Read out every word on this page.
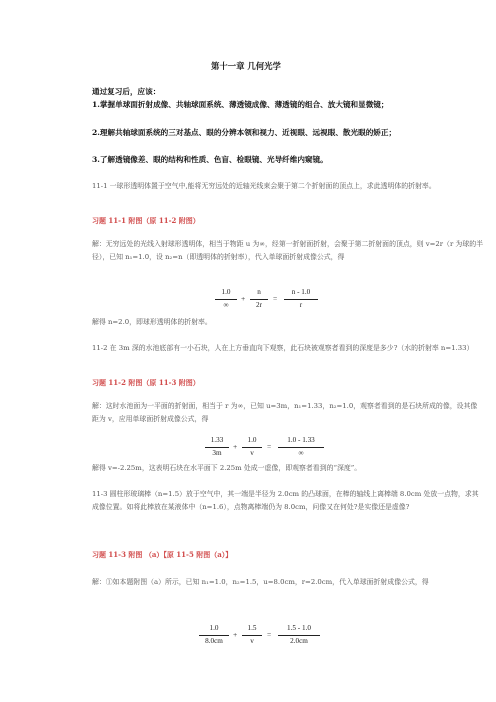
第十一章 几何光学
通过复习后，应该：
1.掌握单球面折射成像、共轴球面系统、薄透镜成像、薄透镜的组合、放大镜和显微镜；
2.理解共轴球面系统的三对基点、眼的分辨本领和视力、近视眼、远视眼、散光眼的矫正；
3.了解透镜像差、眼的结构和性质、色盲、检眼镜、光导纤维内窥镜。
11-1 一球形透明体置于空气中,能将无穷远处的近轴光线束会聚于第二个折射面的顶点上，求此透明体的折射率。
习题 11-1 附图（原 11-2 附图）
解：无穷远处的光线入射球形透明体，相当于物距 u 为∞，经第一折射面折射，会聚于第二折射面的顶点，则 v=2r（r 为球的半径），已知 n₁=1.0，设 n₂=n（即透明体的折射率），代入单球面折射成像公式，得
1.0
∞
+
n
2r
=
n - 1.0
r
解得 n=2.0，即球形透明体的折射率。
11-2 在 3m 深的水池底部有一小石块，人在上方垂直向下观察，此石块被观察者看到的深度是多少?（水的折射率 n=1.33）
习题 11-2 附图（原 11-3 附图）
解：这时水池面为一平面的折射面，相当于 r 为∞，已知 u=3m，n₁=1.33，n₂=1.0，观察者看到的是石块所成的像，设其像距为 v，应用单球面折射成像公式，得
1.33
3m
+
1.0
v
=
1.0 - 1.33
∞
解得 v=-2.25m，这表明石块在水平面下 2.25m 处成一虚像，即观察者看到的“深度”。
11-3 圆柱形玻璃棒（n=1.5）放于空气中，其一端是半径为 2.0cm 的凸球面，在棒的轴线上离棒端 8.0cm 处放一点物，求其成像位置。如将此棒放在某液体中（n=1.6），点物离棒端仍为 8.0cm，问像又在何处?是实像还是虚像?
习题 11-3 附图 （a）【原 11-5 附图（a）】
解：①如本题附图（a）所示，已知 n₁=1.0，n₂=1.5，u=8.0cm，r=2.0cm，代入单球面折射成像公式，得
1.0
8.0cm
+
1.5
v
=
1.5 - 1.0
2.0cm
